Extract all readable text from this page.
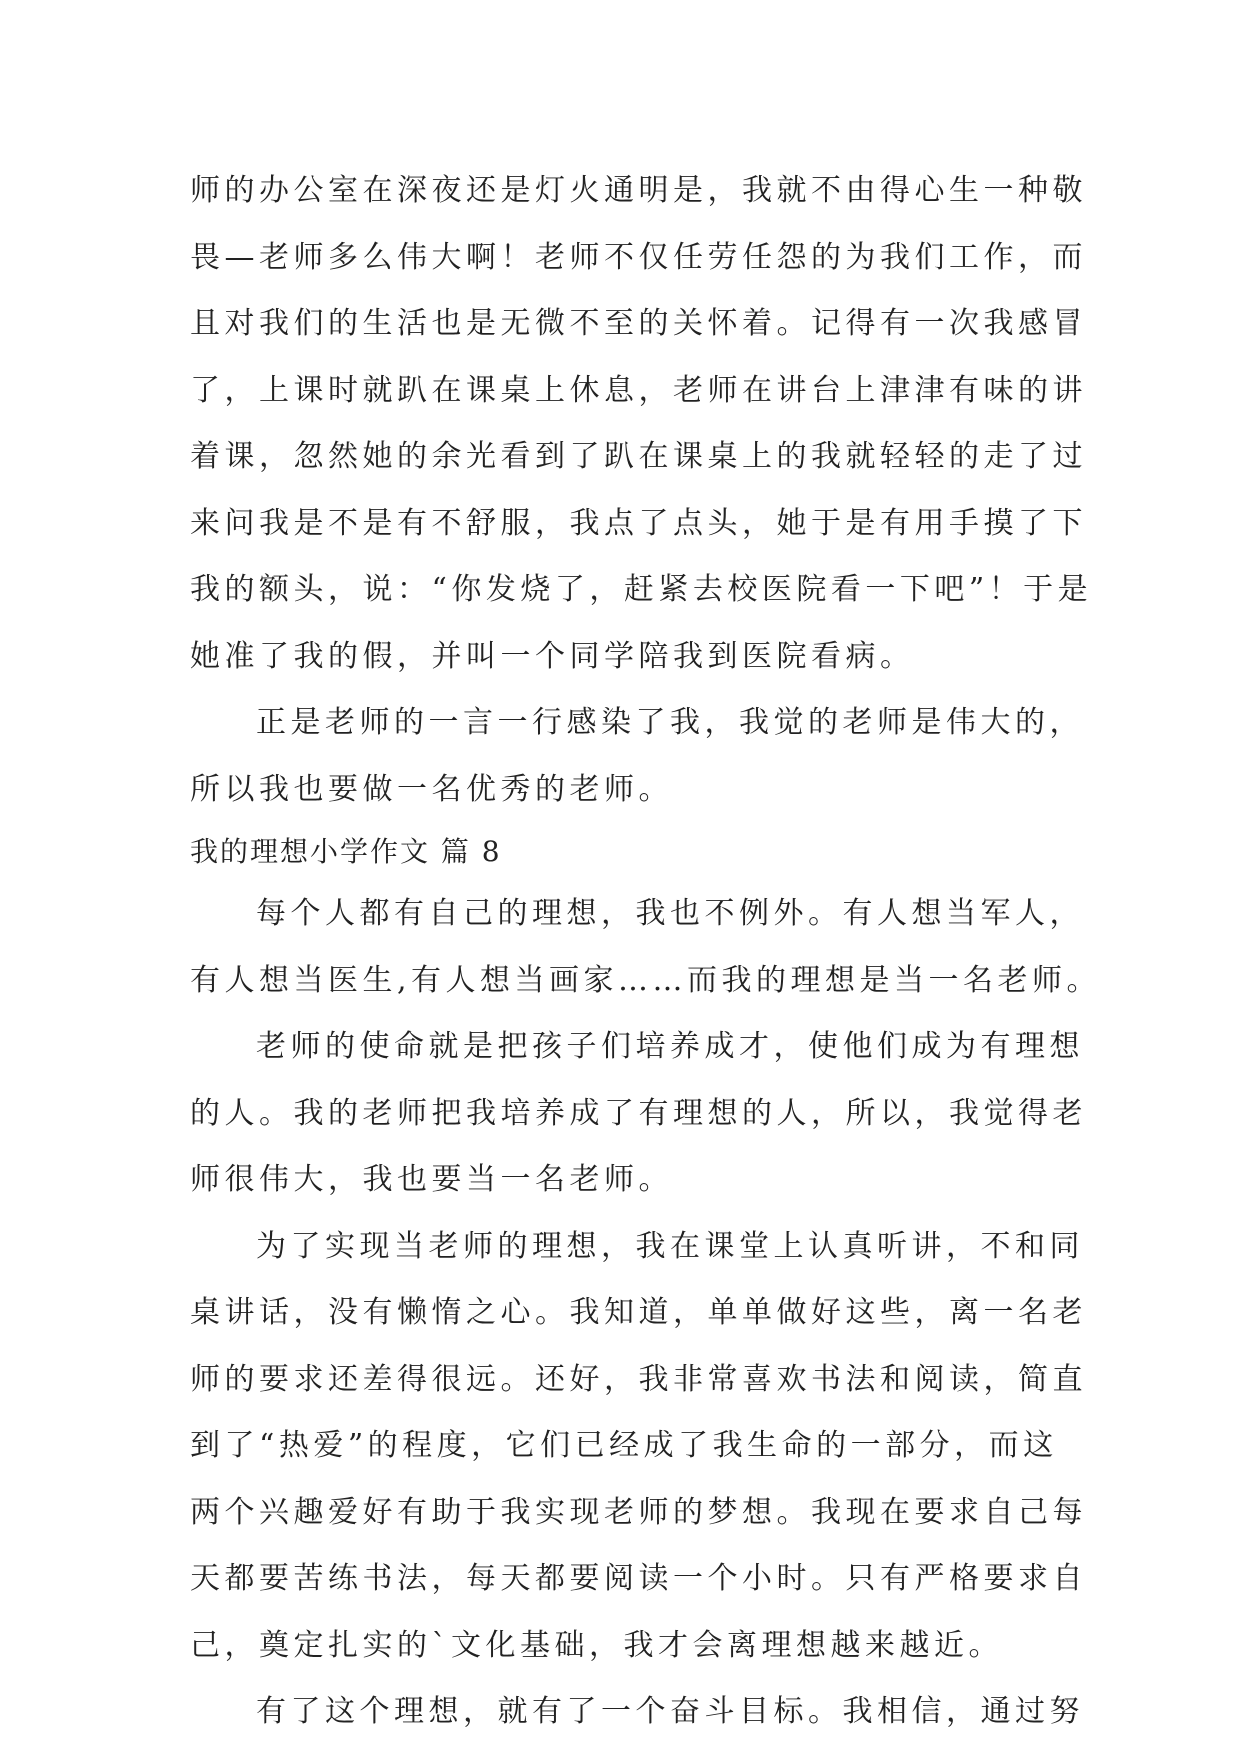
师的办公室在深夜还是灯火通明是，我就不由得心生一种敬
畏—老师多么伟大啊！老师不仅任劳任怨的为我们工作，而
且对我们的生活也是无微不至的关怀着。记得有一次我感冒
了，上课时就趴在课桌上休息，老师在讲台上津津有味的讲
着课，忽然她的余光看到了趴在课桌上的我就轻轻的走了过
来问我是不是有不舒服，我点了点头，她于是有用手摸了下
我的额头，说：“你发烧了，赶紧去校医院看一下吧”！于是
她准了我的假，并叫一个同学陪我到医院看病。
正是老师的一言一行感染了我，我觉的老师是伟大的，
所以我也要做一名优秀的老师。
我的理想小学作文 篇 8
每个人都有自己的理想，我也不例外。有人想当军人，
有人想当医生,有人想当画家……而我的理想是当一名老师。
老师的使命就是把孩子们培养成才，使他们成为有理想
的人。我的老师把我培养成了有理想的人，所以，我觉得老
师很伟大，我也要当一名老师。
为了实现当老师的理想，我在课堂上认真听讲，不和同
桌讲话，没有懒惰之心。我知道，单单做好这些，离一名老
师的要求还差得很远。还好，我非常喜欢书法和阅读，简直
到了“热爱”的程度，它们已经成了我生命的一部分，而这
两个兴趣爱好有助于我实现老师的梦想。我现在要求自己每
天都要苦练书法，每天都要阅读一个小时。只有严格要求自
己，奠定扎实的`文化基础，我才会离理想越来越近。
有了这个理想，就有了一个奋斗目标。我相信，通过努
